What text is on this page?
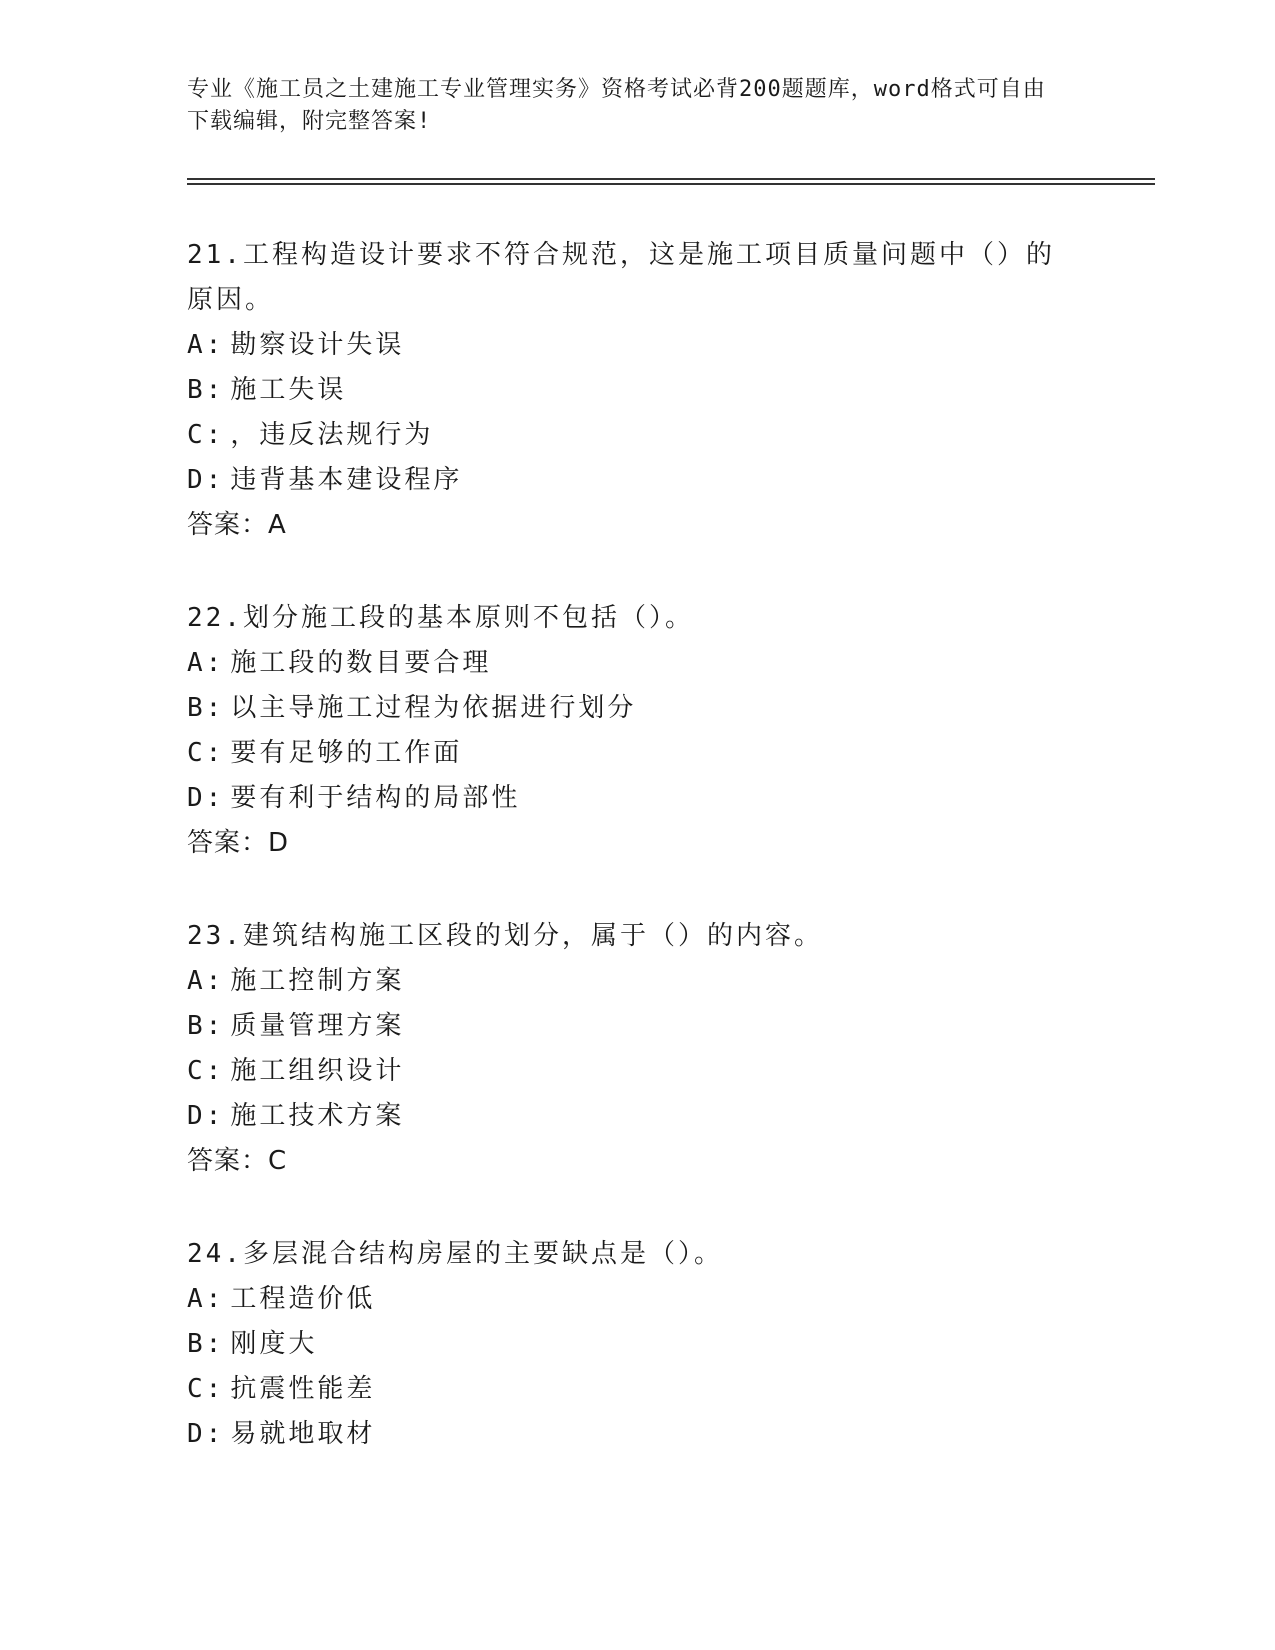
专业《施工员之土建施工专业管理实务》资格考试必背200题题库，word格式可自由下载编辑，附完整答案!
21.工程构造设计要求不符合规范，这是施工项目质量问题中（）的原因。
A: 勘察设计失误
B: 施工失误
C: ，违反法规行为
D: 违背基本建设程序
答案：A
22.划分施工段的基本原则不包括（）。
A: 施工段的数目要合理
B: 以主导施工过程为依据进行划分
C: 要有足够的工作面
D: 要有利于结构的局部性
答案：D
23.建筑结构施工区段的划分，属于（）的内容。
A: 施工控制方案
B: 质量管理方案
C: 施工组织设计
D: 施工技术方案
答案：C
24.多层混合结构房屋的主要缺点是（）。
A: 工程造价低
B: 刚度大
C: 抗震性能差
D: 易就地取材
